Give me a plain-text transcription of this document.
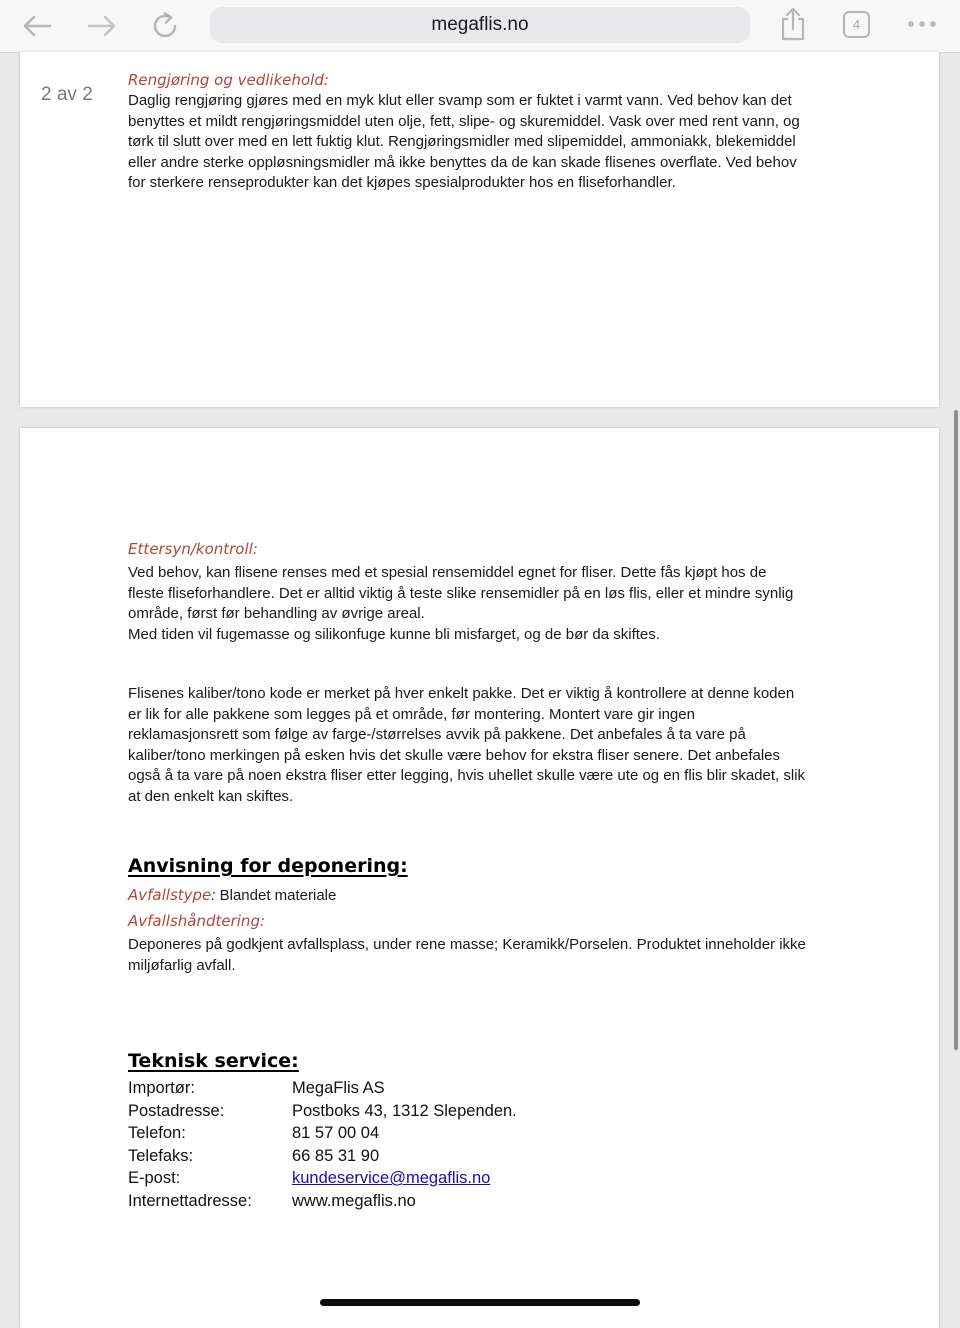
megaflis.no	4
2 av 2
Rengjøring og vedlikehold:
Daglig rengjøring gjøres med en myk klut eller svamp som er fuktet i varmt vann. Ved behov kan det
benyttes et mildt rengjøringsmiddel uten olje, fett, slipe- og skuremiddel. Vask over med rent vann, og
tørk til slutt over med en lett fuktig klut. Rengjøringsmidler med slipemiddel, ammoniakk, blekemiddel
eller andre sterke oppløsningsmidler må ikke benyttes da de kan skade flisenes overflate. Ved behov
for sterkere renseprodukter kan det kjøpes spesialprodukter hos en fliseforhandler.
Ettersyn/kontroll:
Ved behov, kan flisene renses med et spesial rensemiddel egnet for fliser. Dette fås kjøpt hos de
fleste fliseforhandlere. Det er alltid viktig å teste slike rensemidler på en løs flis, eller et mindre synlig
område, først før behandling av øvrige areal.
Med tiden vil fugemasse og silikonfuge kunne bli misfarget, og de bør da skiftes.
Flisenes kaliber/tono kode er merket på hver enkelt pakke. Det er viktig å kontrollere at denne koden
er lik for alle pakkene som legges på et område, før montering. Montert vare gir ingen
reklamasjonsrett som følge av farge-/størrelses avvik på pakkene. Det anbefales å ta vare på
kaliber/tono merkingen på esken hvis det skulle være behov for ekstra fliser senere. Det anbefales
også å ta vare på noen ekstra fliser etter legging, hvis uhellet skulle være ute og en flis blir skadet, slik
at den enkelt kan skiftes.
Anvisning for deponering:
Avfallstype: Blandet materiale
Avfallshåndtering:
Deponeres på godkjent avfallsplass, under rene masse; Keramikk/Porselen. Produktet inneholder ikke
miljøfarlig avfall.
Teknisk service:
Importør:	MegaFlis AS
Postadresse:	Postboks 43, 1312 Slependen.
Telefon:	81 57 00 04
Telefaks:	66 85 31 90
E-post:	kundeservice@megaflis.no
Internettadresse: www.megaflis.no
